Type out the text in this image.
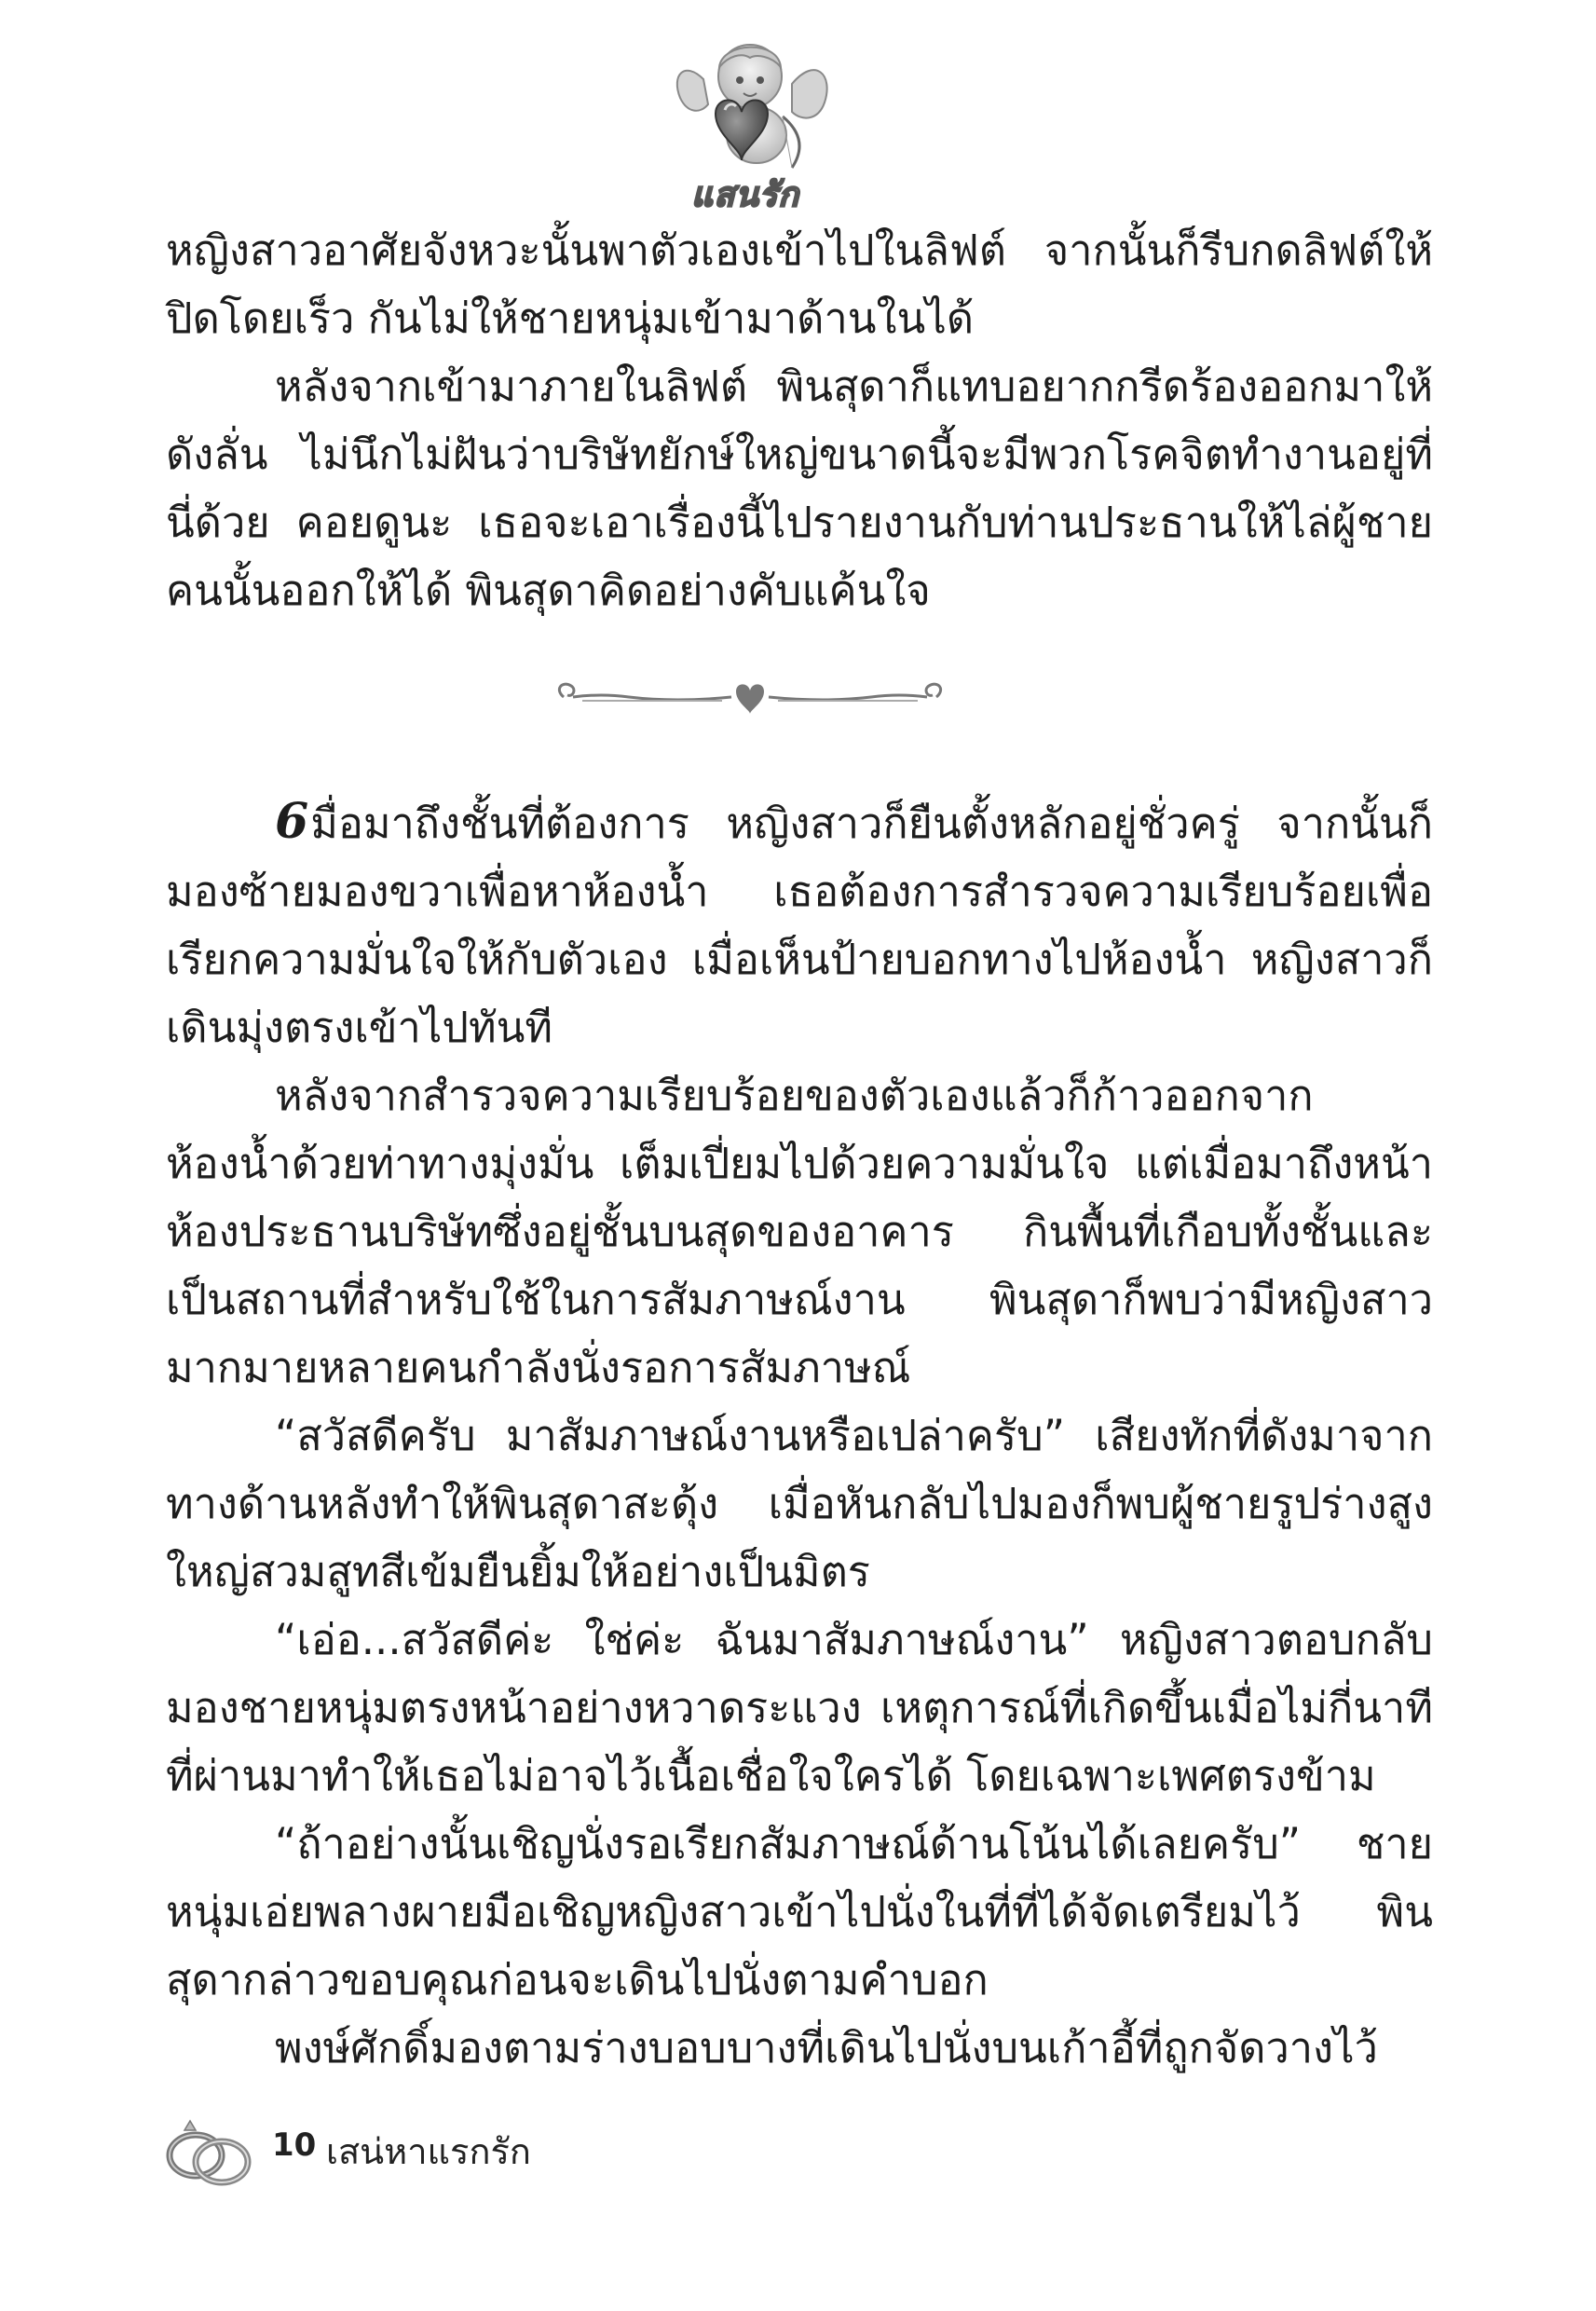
แสนรัก

หญิงสาวอาศัยจังหวะนั้นพาตัวเองเข้าไปในลิฟต์ จากนั้นก็รีบกดลิฟต์ให้ปิดโดยเร็ว กันไม่ให้ชายหนุ่มเข้ามาด้านในได้

หลังจากเข้ามาภายในลิฟต์ พินสุดาก็แทบอยากกรีดร้องออกมาให้ดังลั่น ไม่นึกไม่ฝันว่าบริษัทยักษ์ใหญ่ขนาดนี้จะมีพวกโรคจิตทำงานอยู่ที่นี่ด้วย คอยดูนะ เธอจะเอาเรื่องนี้ไปรายงานกับท่านประธานให้ไล่ผู้ชายคนนั้นออกให้ได้ พินสุดาคิดอย่างคับแค้นใจ

6มื่อมาถึงชั้นที่ต้องการ หญิงสาวก็ยืนตั้งหลักอยู่ชั่วครู่ จากนั้นก็มองซ้ายมองขวาเพื่อหาห้องน้ำ เธอต้องการสำรวจความเรียบร้อยเพื่อเรียกความมั่นใจให้กับตัวเอง เมื่อเห็นป้ายบอกทางไปห้องน้ำ หญิงสาวก็เดินมุ่งตรงเข้าไปทันที

หลังจากสำรวจความเรียบร้อยของตัวเองแล้วก็ก้าวออกจากห้องน้ำด้วยท่าทางมุ่งมั่น เต็มเปี่ยมไปด้วยความมั่นใจ แต่เมื่อมาถึงหน้าห้องประธานบริษัทซึ่งอยู่ชั้นบนสุดของอาคาร กินพื้นที่เกือบทั้งชั้นและเป็นสถานที่สำหรับใช้ในการสัมภาษณ์งาน พินสุดาก็พบว่ามีหญิงสาวมากมายหลายคนกำลังนั่งรอการสัมภาษณ์

“สวัสดีครับ มาสัมภาษณ์งานหรือเปล่าครับ” เสียงทักที่ดังมาจากทางด้านหลังทำให้พินสุดาสะดุ้ง เมื่อหันกลับไปมองก็พบผู้ชายรูปร่างสูงใหญ่สวมสูทสีเข้มยืนยิ้มให้อย่างเป็นมิตร

“เอ่อ...สวัสดีค่ะ ใช่ค่ะ ฉันมาสัมภาษณ์งาน” หญิงสาวตอบกลับมองชายหนุ่มตรงหน้าอย่างหวาดระแวง เหตุการณ์ที่เกิดขึ้นเมื่อไม่กี่นาทีที่ผ่านมาทำให้เธอไม่อาจไว้เนื้อเชื่อใจใครได้ โดยเฉพาะเพศตรงข้าม

“ถ้าอย่างนั้นเชิญนั่งรอเรียกสัมภาษณ์ด้านโน้นได้เลยครับ” ชายหนุ่มเอ่ยพลางผายมือเชิญหญิงสาวเข้าไปนั่งในที่ที่ได้จัดเตรียมไว้ พินสุดากล่าวขอบคุณก่อนจะเดินไปนั่งตามคำบอก

พงษ์ศักดิ์มองตามร่างบอบบางที่เดินไปนั่งบนเก้าอี้ที่ถูกจัดวางไว้

10 เสน่หาแรกรัก
